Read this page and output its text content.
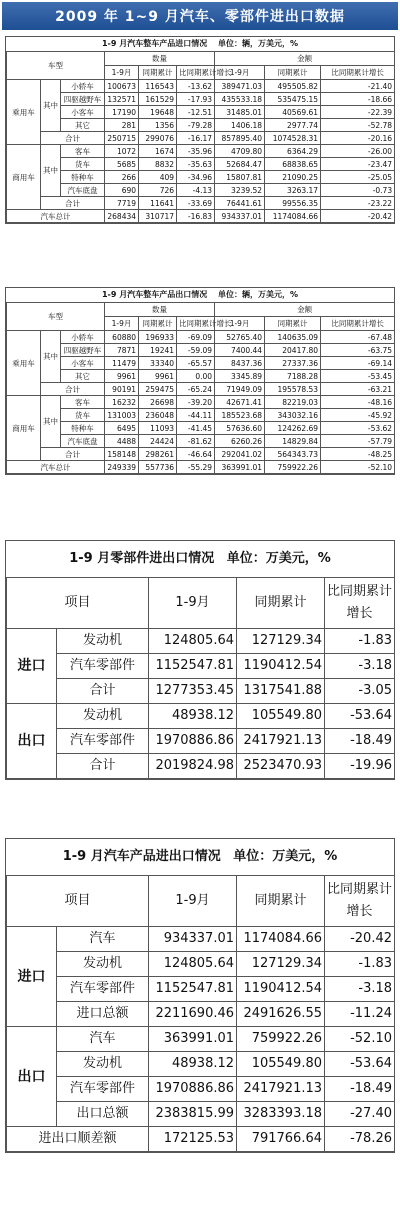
2009 年 1~9 月汽车、零部件进出口数据
1-9 月汽车整车产品进口情况 单位：辆，万美元，%
车型			数量			金额		
			1-9月	同期累计	比同期累计增长	1-9月	同期累计	比同期累计增长
乘用车	其中	小轿车	100673	116543	-13.62	389471.03	495505.82	-21.40
		四驱越野车	132571	161529	-17.93	435533.18	535475.15	-18.66
		小客车	17190	19648	-12.51	31485.01	40569.61	-22.39
		其它	281	1356	-79.28	1406.18	2977.74	-52.78
	合计		250715	299076	-16.17	857895.40	1074528.31	-20.16
商用车	其中	客车	1072	1674	-35.96	4709.80	6364.29	-26.00
		货车	5685	8832	-35.63	52684.47	68838.65	-23.47
		特种车	266	409	-34.96	15807.81	21090.25	-25.05
		汽车底盘	690	726	-4.13	3239.52	3263.17	-0.73
	合计		7719	11641	-33.69	76441.61	99556.35	-23.22
汽车总计			268434	310717	-16.83	934337.01	1174084.66	-20.42
1-9 月汽车整车产品出口情况 单位：辆，万美元，%
车型			数量			金额		
			1-9月	同期累计	比同期累计增长	1-9月	同期累计	比同期累计增长
乘用车	其中	小轿车	60880	196933	-69.09	52765.40	140635.09	-67.48
		四驱越野车	7871	19241	-59.09	7400.44	20417.80	-63.75
		小客车	11479	33340	-65.57	8437.36	27337.36	-69.14
		其它	9961	9961	0.00	3345.89	7188.28	-53.45
	合计		90191	259475	-65.24	71949.09	195578.53	-63.21
商用车	其中	客车	16232	26698	-39.20	42671.41	82219.03	-48.16
		货车	131003	236048	-44.11	185523.68	343032.16	-45.92
		特种车	6495	11093	-41.45	57636.60	124262.69	-53.62
		汽车底盘	4488	24424	-81.62	6260.26	14829.84	-57.79
	合计		158148	298261	-46.64	292041.02	564343.73	-48.25
汽车总计			249339	557736	-55.29	363991.01	759922.26	-52.10
1-9 月零部件进出口情况 单位：万美元，%
项目		1-9月	同期累计	比同期累计增长
进口	发动机	124805.64	127129.34	-1.83
	汽车零部件	1152547.81	1190412.54	-3.18
	合计	1277353.45	1317541.88	-3.05
出口	发动机	48938.12	105549.80	-53.64
	汽车零部件	1970886.86	2417921.13	-18.49
	合计	2019824.98	2523470.93	-19.96
1-9 月汽车产品进出口情况 单位：万美元，%
项目		1-9月	同期累计	比同期累计增长
进口	汽车	934337.01	1174084.66	-20.42
	发动机	124805.64	127129.34	-1.83
	汽车零部件	1152547.81	1190412.54	-3.18
	进口总额	2211690.46	2491626.55	-11.24
出口	汽车	363991.01	759922.26	-52.10
	发动机	48938.12	105549.80	-53.64
	汽车零部件	1970886.86	2417921.13	-18.49
	出口总额	2383815.99	3283393.18	-27.40
进出口顺差额		172125.53	791766.64	-78.26
